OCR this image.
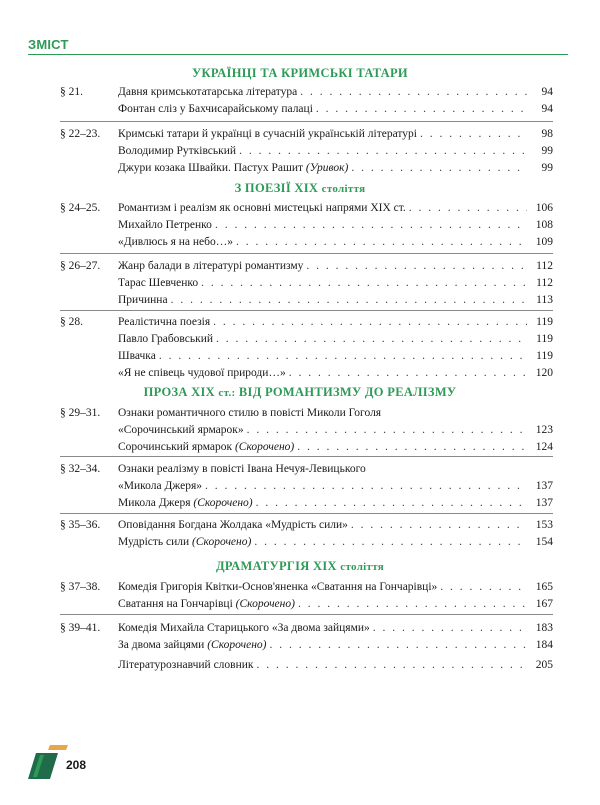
ЗМІСТ
УКРАЇНЦІ ТА КРИМСЬКІ ТАТАРИ
§ 21.	Давня кримськотатарська література . . .	94
Фонтан сліз у Бахчисарайському палаці . . .	94
§ 22–23. Кримські татари й українці в сучасній українській літературі . . .	98
Володимир Рутківський . . .	99
Джури козака Швайки. Пастух Рашит (Уривок) . . .	99
З ПОЕЗІЇ XIX століття
§ 24–25. Романтизм і реалізм як основні мистецькі напрями XIX ст. . . .	106
Михайло Петренко . . .	108
«Дивлюсь я на небо…» . . .	109
§ 26–27. Жанр балади в літературі романтизму . . .	112
Тарас Шевченко . . .	112
Причинна . . .	113
§ 28.	Реалістична поезія . . .	119
Павло Грабовський . . .	119
Швачка . . .	119
«Я не співець чудової природи…» . . .	120
ПРОЗА XIX ст.: ВІД РОМАНТИЗМУ ДО РЕАЛІЗМУ
§ 29–31. Ознаки романтичного стилю в повісті Миколи Гоголя
«Сорочинський ярмарок» . . .	123
Сорочинський ярмарок (Скорочено) . . .	124
§ 32–34. Ознаки реалізму в повісті Івана Нечуя-Левицького
«Микола Джеря» . . .	137
Микола Джеря (Скорочено) . . .	137
§ 35–36. Оповідання Богдана Жолдака «Мудрість сили» . . .	153
Мудрість сили (Скорочено) . . .	154
ДРАМАТУРГІЯ XIX століття
§ 37–38. Комедія Григорія Квітки-Основ'яненка «Сватання на Гончарівці» . . .	165
Сватання на Гончарівці (Скорочено) . . .	167
§ 39–41. Комедія Михайла Старицького «За двома зайцями» . . .	183
За двома зайцями (Скорочено) . . .	184
Літературознавчий словник . . .	205
208
